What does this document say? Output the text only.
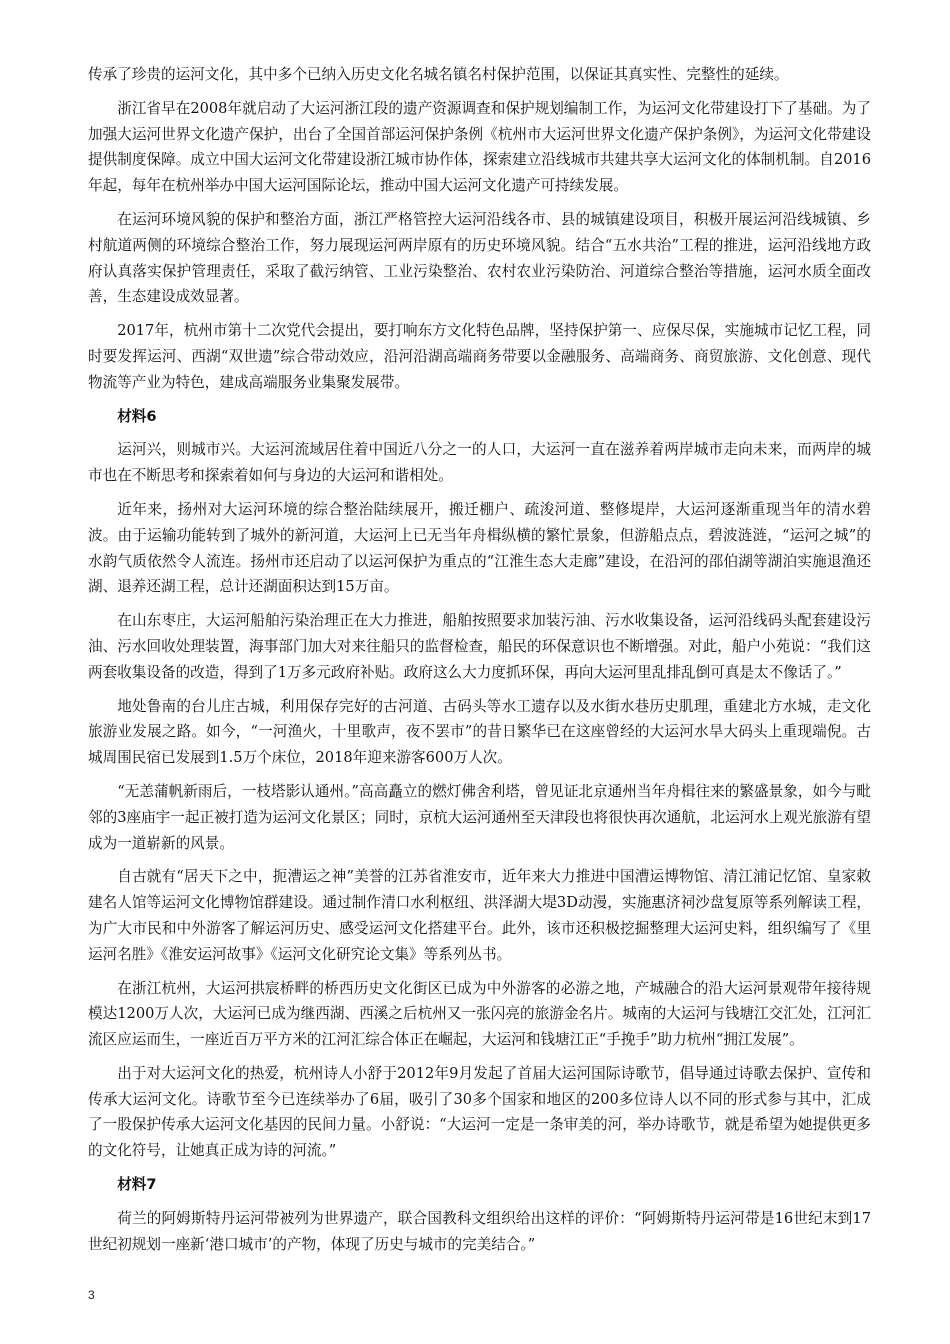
传承了珍贵的运河文化，其中多个已纳入历史文化名城名镇名村保护范围，以保证其真实性、完整性的延续。

浙江省早在2008年就启动了大运河浙江段的遗产资源调查和保护规划编制工作，为运河文化带建设打下了基础。为了加强大运河世界文化遗产保护，出台了全国首部运河保护条例《杭州市大运河世界文化遗产保护条例》，为运河文化带建设提供制度保障。成立中国大运河文化带建设浙江城市协作体，探索建立沿线城市共建共享大运河文化的体制机制。自2016年起，每年在杭州举办中国大运河国际论坛，推动中国大运河文化遗产可持续发展。

在运河环境风貌的保护和整治方面，浙江严格管控大运河沿线各市、县的城镇建设项目，积极开展运河沿线城镇、乡村航道两侧的环境综合整治工作，努力展现运河两岸原有的历史环境风貌。结合“五水共治”工程的推进，运河沿线地方政府认真落实保护管理责任，采取了截污纳管、工业污染整治、农村农业污染防治、河道综合整治等措施，运河水质全面改善，生态建设成效显著。

2017年，杭州市第十二次党代会提出，要打响东方文化特色品牌，坚持保护第一、应保尽保，实施城市记忆工程，同时要发挥运河、西湖“双世遗”综合带动效应，沿河沿湖高端商务带要以金融服务、高端商务、商贸旅游、文化创意、现代物流等产业为特色，建成高端服务业集聚发展带。

材料6

运河兴，则城市兴。大运河流域居住着中国近八分之一的人口，大运河一直在滋养着两岸城市走向未来，而两岸的城市也在不断思考和探索着如何与身边的大运河和谐相处。

近年来，扬州对大运河环境的综合整治陆续展开，搬迁棚户、疏浚河道、整修堤岸，大运河逐渐重现当年的清水碧波。由于运输功能转到了城外的新河道，大运河上已无当年舟楫纵横的繁忙景象，但游船点点，碧波涟涟，“运河之城”的水韵气质依然令人流连。扬州市还启动了以运河保护为重点的“江淮生态大走廊”建设，在沿河的邵伯湖等湖泊实施退渔还湖、退养还湖工程，总计还湖面积达到15万亩。

在山东枣庄，大运河船舶污染治理正在大力推进，船舶按照要求加装污油、污水收集设备，运河沿线码头配套建设污油、污水回收处理装置，海事部门加大对来往船只的监督检查，船民的环保意识也不断增强。对此，船户小苑说：“我们这两套收集设备的改造，得到了1万多元政府补贴。政府这么大力度抓环保，再向大运河里乱排乱倒可真是太不像话了。”

地处鲁南的台儿庄古城，利用保存完好的古河道、古码头等水工遗存以及水街水巷历史肌理，重建北方水城，走文化旅游业发展之路。如今，“一河渔火，十里歌声，夜不罢市”的昔日繁华已在这座曾经的大运河水旱大码头上重现端倪。古城周围民宿已发展到1.5万个床位，2018年迎来游客600万人次。

“无恙蒲帆新雨后，一枝塔影认通州。”高高矗立的燃灯佛舍利塔，曾见证北京通州当年舟楫往来的繁盛景象，如今与毗邻的3座庙宇一起正被打造为运河文化景区；同时，京杭大运河通州至天津段也将很快再次通航，北运河水上观光旅游有望成为一道崭新的风景。

自古就有“居天下之中，扼漕运之神”美誉的江苏省淮安市，近年来大力推进中国漕运博物馆、清江浦记忆馆、皇家敕建名人馆等运河文化博物馆群建设。通过制作清口水利枢纽、洪泽湖大堤3D动漫，实施惠济祠沙盘复原等系列解读工程，为广大市民和中外游客了解运河历史、感受运河文化搭建平台。此外，该市还积极挖掘整理大运河史料，组织编写了《里运河名胜》《淮安运河故事》《运河文化研究论文集》等系列丛书。

在浙江杭州，大运河拱宸桥畔的桥西历史文化街区已成为中外游客的必游之地，产城融合的沿大运河景观带年接待规模达1200万人次，大运河已成为继西湖、西溪之后杭州又一张闪亮的旅游金名片。城南的大运河与钱塘江交汇处，江河汇流区应运而生，一座近百万平方米的江河汇综合体正在崛起，大运河和钱塘江正“手挽手”助力杭州“拥江发展”。

出于对大运河文化的热爱，杭州诗人小舒于2012年9月发起了首届大运河国际诗歌节，倡导通过诗歌去保护、宣传和传承大运河文化。诗歌节至今已连续举办了6届，吸引了30多个国家和地区的200多位诗人以不同的形式参与其中，汇成了一股保护传承大运河文化基因的民间力量。小舒说：“大运河一定是一条审美的河，举办诗歌节，就是希望为她提供更多的文化符号，让她真正成为诗的河流。”

材料7

荷兰的阿姆斯特丹运河带被列为世界遗产，联合国教科文组织给出这样的评价：“阿姆斯特丹运河带是16世纪末到17世纪初规划一座新‘港口城市’的产物，体现了历史与城市的完美结合。”

3
